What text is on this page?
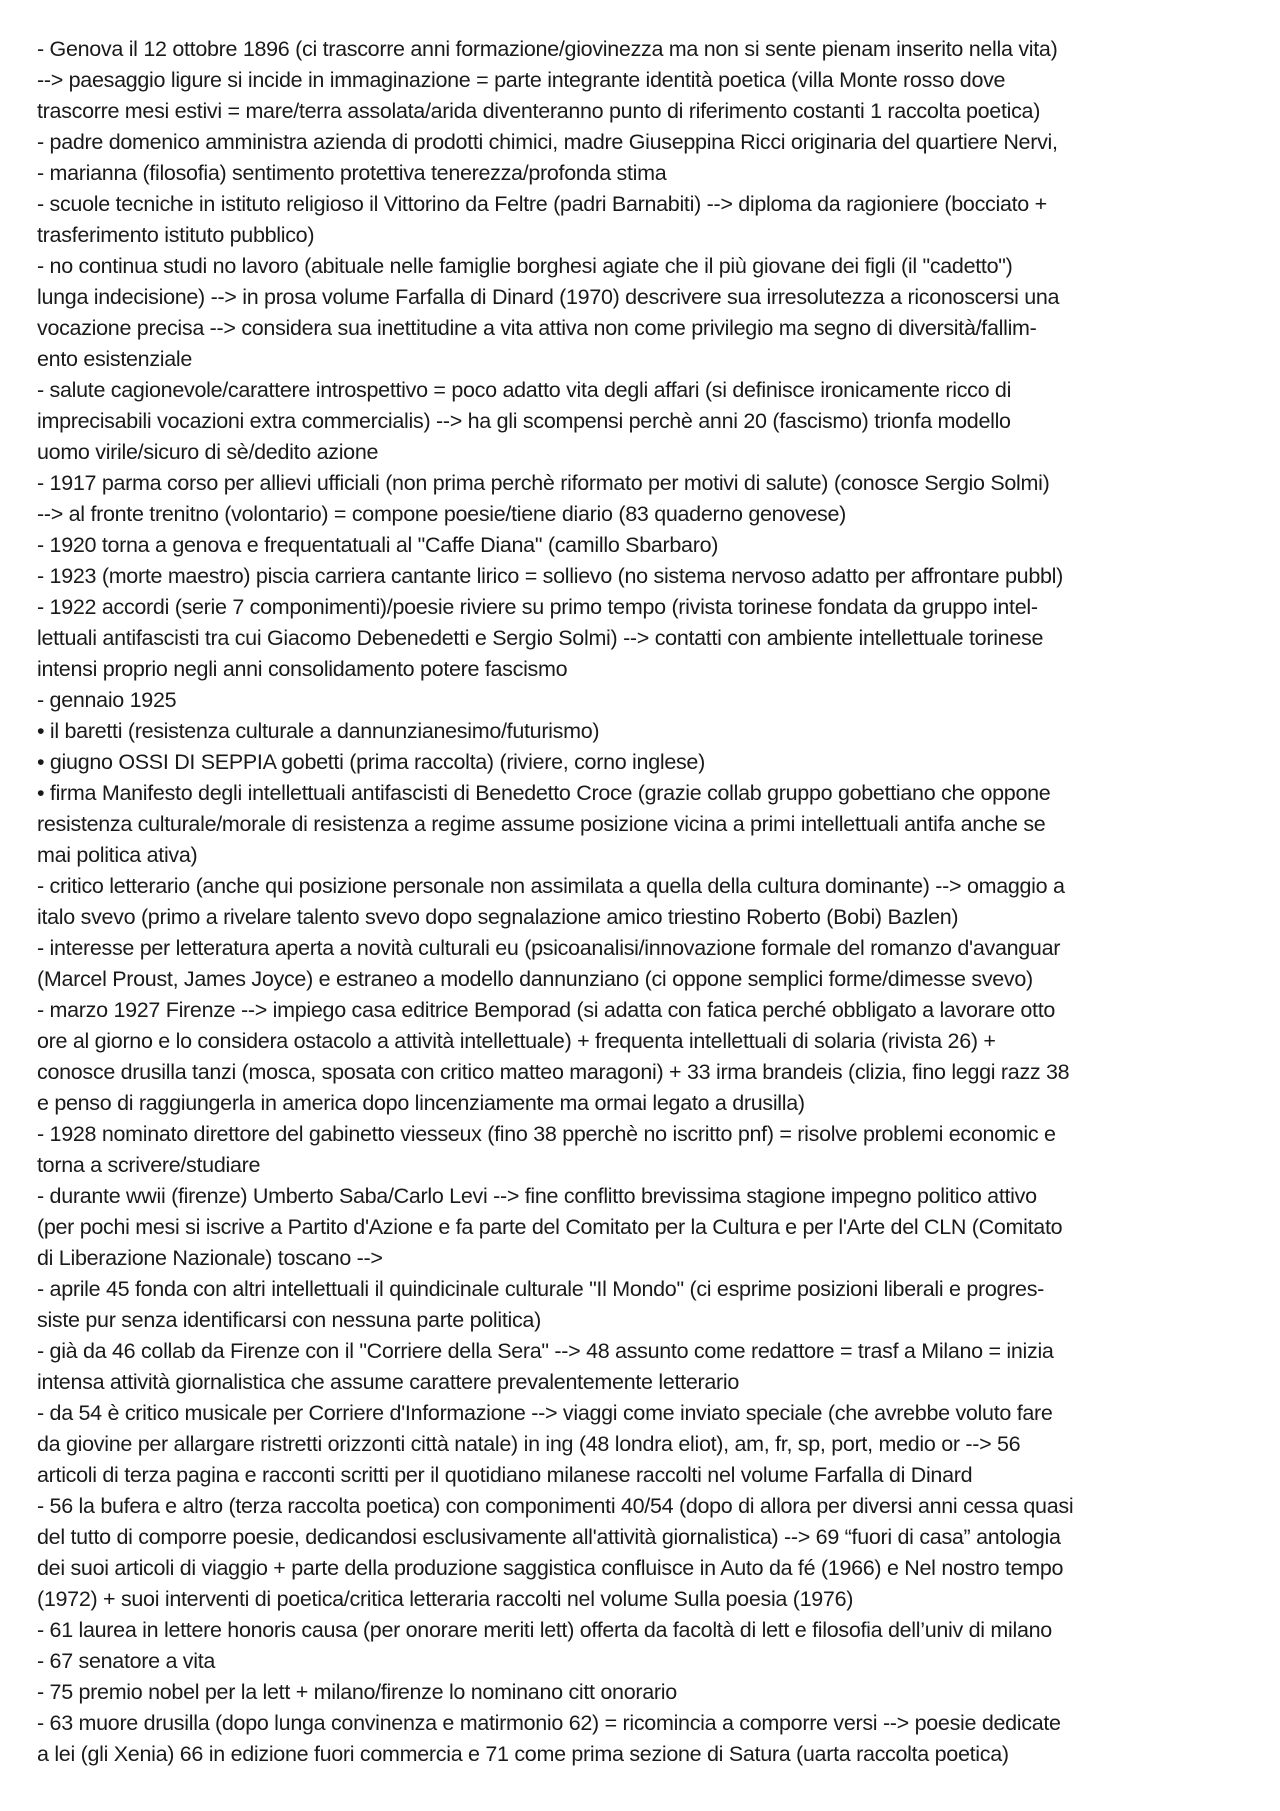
- Genova il 12 ottobre 1896 (ci trascorre anni formazione/giovinezza ma non si sente pienam inserito nella vita)
--> paesaggio ligure si incide in immaginazione = parte integrante identità poetica (villa Monte rosso dove
trascorre mesi estivi = mare/terra assolata/arida diventeranno punto di riferimento costanti 1 raccolta poetica)
- padre domenico amministra azienda di prodotti chimici, madre Giuseppina Ricci originaria del quartiere Nervi,
- marianna (filosofia) sentimento protettiva tenerezza/profonda stima
- scuole tecniche in istituto religioso il Vittorino da Feltre (padri Barnabiti) --> diploma da ragioniere (bocciato +
trasferimento istituto pubblico)
- no continua studi no lavoro (abituale nelle famiglie borghesi agiate che il più giovane dei figli (il "cadetto")
lunga indecisione) --> in prosa volume Farfalla di Dinard (1970) descrivere sua irresolutezza a riconoscersi una
vocazione precisa --> considera sua inettitudine a vita attiva non come privilegio ma segno di diversità/fallim-
ento esistenziale
- salute cagionevole/carattere introspettivo = poco adatto vita degli affari (si definisce ironicamente ricco di
imprecisabili vocazioni extra commercialis) --> ha gli scompensi perchè anni 20 (fascismo) trionfa modello
uomo virile/sicuro di sè/dedito azione
- 1917 parma corso per allievi ufficiali (non prima perchè riformato per motivi di salute) (conosce Sergio Solmi)
--> al fronte trenitno (volontario) = compone poesie/tiene diario (83 quaderno genovese)
- 1920 torna a genova e frequentatuali al "Caffe Diana" (camillo Sbarbaro)
- 1923 (morte maestro) piscia carriera cantante lirico = sollievo (no sistema nervoso adatto per affrontare pubbl)
- 1922 accordi (serie 7 componimenti)/poesie riviere su primo tempo (rivista torinese fondata da gruppo intel-
lettuali antifascisti tra cui Giacomo Debenedetti e Sergio Solmi) --> contatti con ambiente intellettuale torinese
intensi proprio negli anni consolidamento potere fascismo
- gennaio 1925
• il baretti (resistenza culturale a dannunzianesimo/futurismo)
• giugno OSSI DI SEPPIA gobetti (prima raccolta) (riviere, corno inglese)
• firma Manifesto degli intellettuali antifascisti di Benedetto Croce (grazie collab gruppo gobettiano che oppone
resistenza culturale/morale di resistenza a regime assume posizione vicina a primi intellettuali antifa anche se
mai politica ativa)
- critico letterario (anche qui posizione personale non assimilata a quella della cultura dominante) --> omaggio a
italo svevo (primo a rivelare talento svevo dopo segnalazione amico triestino Roberto (Bobi) Bazlen)
- interesse per letteratura aperta a novità culturali eu (psicoanalisi/innovazione formale del romanzo d'avanguar
(Marcel Proust, James Joyce) e estraneo a modello dannunziano (ci oppone semplici forme/dimesse svevo)
- marzo 1927 Firenze --> impiego casa editrice Bemporad (si adatta con fatica perché obbligato a lavorare otto
ore al giorno e lo considera ostacolo a attività intellettuale) + frequenta intellettuali di solaria (rivista 26) +
conosce drusilla tanzi (mosca, sposata con critico matteo maragoni) + 33 irma brandeis (clizia, fino leggi razz 38
e penso di raggiungerla in america dopo lincenziamente ma ormai legato a drusilla)
- 1928 nominato direttore del gabinetto viesseux (fino 38 pperchè no iscritto pnf) = risolve problemi economic e
torna a scrivere/studiare
- durante wwii (firenze) Umberto Saba/Carlo Levi --> fine conflitto brevissima stagione impegno politico attivo
(per pochi mesi si iscrive a Partito d'Azione e fa parte del Comitato per la Cultura e per l'Arte del CLN (Comitato
di Liberazione Nazionale) toscano -->
- aprile 45 fonda con altri intellettuali il quindicinale culturale "Il Mondo" (ci esprime posizioni liberali e progres-
siste pur senza identificarsi con nessuna parte politica)
- già da 46 collab da Firenze con il "Corriere della Sera" --> 48 assunto come redattore = trasf a Milano = inizia
intensa attività giornalistica che assume carattere prevalentemente letterario
- da 54 è critico musicale per Corriere d'Informazione --> viaggi come inviato speciale (che avrebbe voluto fare
da giovine per allargare ristretti orizzonti città natale) in ing (48 londra eliot), am, fr, sp, port, medio or --> 56
articoli di terza pagina e racconti scritti per il quotidiano milanese raccolti nel volume Farfalla di Dinard
- 56 la bufera e altro (terza raccolta poetica) con componimenti 40/54 (dopo di allora per diversi anni cessa quasi
del tutto di comporre poesie, dedicandosi esclusivamente all'attività giornalistica) --> 69 “fuori di casa” antologia
dei suoi articoli di viaggio + parte della produzione saggistica confluisce in Auto da fé (1966) e Nel nostro tempo
(1972) + suoi interventi di poetica/critica letteraria raccolti nel volume Sulla poesia (1976)
- 61 laurea in lettere honoris causa (per onorare meriti lett) offerta da facoltà di lett e filosofia dell’univ di milano
- 67 senatore a vita
- 75 premio nobel per la lett + milano/firenze lo nominano citt onorario
- 63 muore drusilla (dopo lunga convinenza e matirmonio 62) = ricomincia a comporre versi --> poesie dedicate
a lei (gli Xenia) 66 in edizione fuori commercia e 71 come prima sezione di Satura (uarta raccolta poetica)
